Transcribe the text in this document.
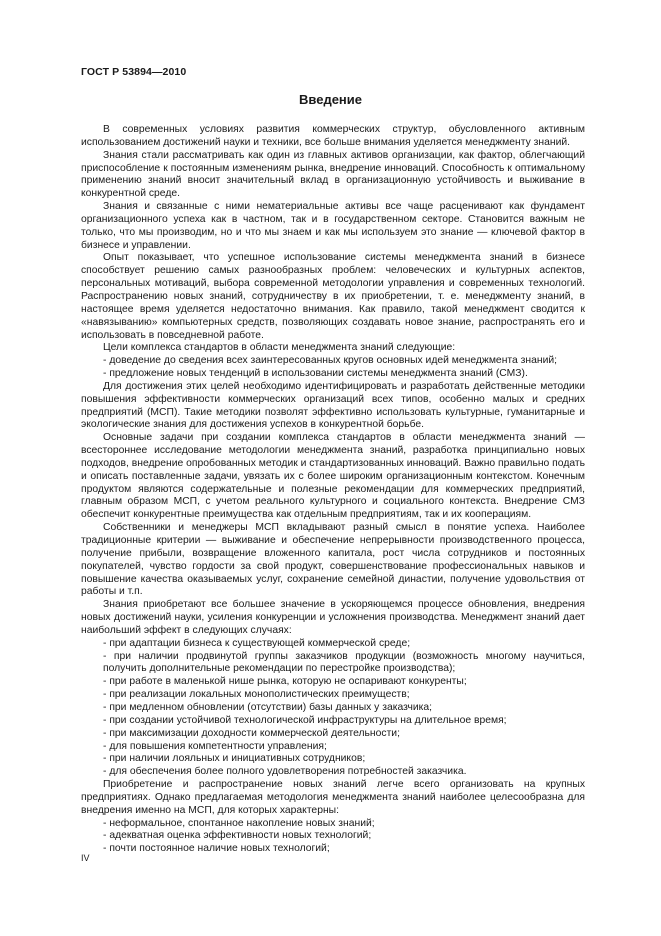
ГОСТ Р 53894—2010
Введение

В современных условиях развития коммерческих структур, обусловленного активным использованием достижений науки и техники, все больше внимания уделяется менеджменту знаний.

Знания стали рассматривать как один из главных активов организации, как фактор, облегчающий приспособление к постоянным изменениям рынка, внедрение инноваций. Способность к оптимальному применению знаний вносит значительный вклад в организационную устойчивость и выживание в конкурентной среде.

Знания и связанные с ними нематериальные активы все чаще расценивают как фундамент организационного успеха как в частном, так и в государственном секторе. Становится важным не только, что мы производим, но и что мы знаем и как мы используем это знание — ключевой фактор в бизнесе и управлении.

Опыт показывает, что успешное использование системы менеджмента знаний в бизнесе способствует решению самых разнообразных проблем: человеческих и культурных аспектов, персональных мотиваций, выбора современной методологии управления и современных технологий. Распространению новых знаний, сотрудничеству в их приобретении, т. е. менеджменту знаний, в настоящее время уделяется недостаточно внимания. Как правило, такой менеджмент сводится к «навязыванию» компьютерных средств, позволяющих создавать новое знание, распространять его и использовать в повседневной работе.

Цели комплекса стандартов в области менеджмента знаний следующие:

- доведение до сведения всех заинтересованных кругов основных идей менеджмента знаний;

- предложение новых тенденций в использовании системы менеджмента знаний (СМЗ).

Для достижения этих целей необходимо идентифицировать и разработать действенные методики повышения эффективности коммерческих организаций всех типов, особенно малых и средних предприятий (МСП). Такие методики позволят эффективно использовать культурные, гуманитарные и экологические знания для достижения успехов в конкурентной борьбе.

Основные задачи при создании комплекса стандартов в области менеджмента знаний — всестороннее исследование методологии менеджмента знаний, разработка принципиально новых подходов, внедрение опробованных методик и стандартизованных инноваций. Важно правильно подать и описать поставленные задачи, увязать их с более широким организационным контекстом. Конечным продуктом являются содержательные и полезные рекомендации для коммерческих предприятий, главным образом МСП, с учетом реального культурного и социального контекста. Внедрение СМЗ обеспечит конкурентные преимущества как отдельным предприятиям, так и их кооперациям.

Собственники и менеджеры МСП вкладывают разный смысл в понятие успеха. Наиболее традиционные критерии — выживание и обеспечение непрерывности производственного процесса, получение прибыли, возвращение вложенного капитала, рост числа сотрудников и постоянных покупателей, чувство гордости за свой продукт, совершенствование профессиональных навыков и повышение качества оказываемых услуг, сохранение семейной династии, получение удовольствия от работы и т.п.

Знания приобретают все большее значение в ускоряющемся процессе обновления, внедрения новых достижений науки, усиления конкуренции и усложнения производства. Менеджмент знаний дает наибольший эффект в следующих случаях:

- при адаптации бизнеса к существующей коммерческой среде;

- при наличии продвинутой группы заказчиков продукции (возможность многому научиться, получить дополнительные рекомендации по перестройке производства);

- при работе в маленькой нише рынка, которую не оспаривают конкуренты;

- при реализации локальных монополистических преимуществ;

- при медленном обновлении (отсутствии) базы данных у заказчика;

- при создании устойчивой технологической инфраструктуры на длительное время;

- при максимизации доходности коммерческой деятельности;

- для повышения компетентности управления;

- при наличии лояльных и инициативных сотрудников;

- для обеспечения более полного удовлетворения потребностей заказчика.

Приобретение и распространение новых знаний легче всего организовать на крупных предприятиях. Однако предлагаемая методология менеджмента знаний наиболее целесообразна для внедрения именно на МСП, для которых характерны:

- неформальное, спонтанное накопление новых знаний;

- адекватная оценка эффективности новых технологий;

- почти постоянное наличие новых технологий;

IV
